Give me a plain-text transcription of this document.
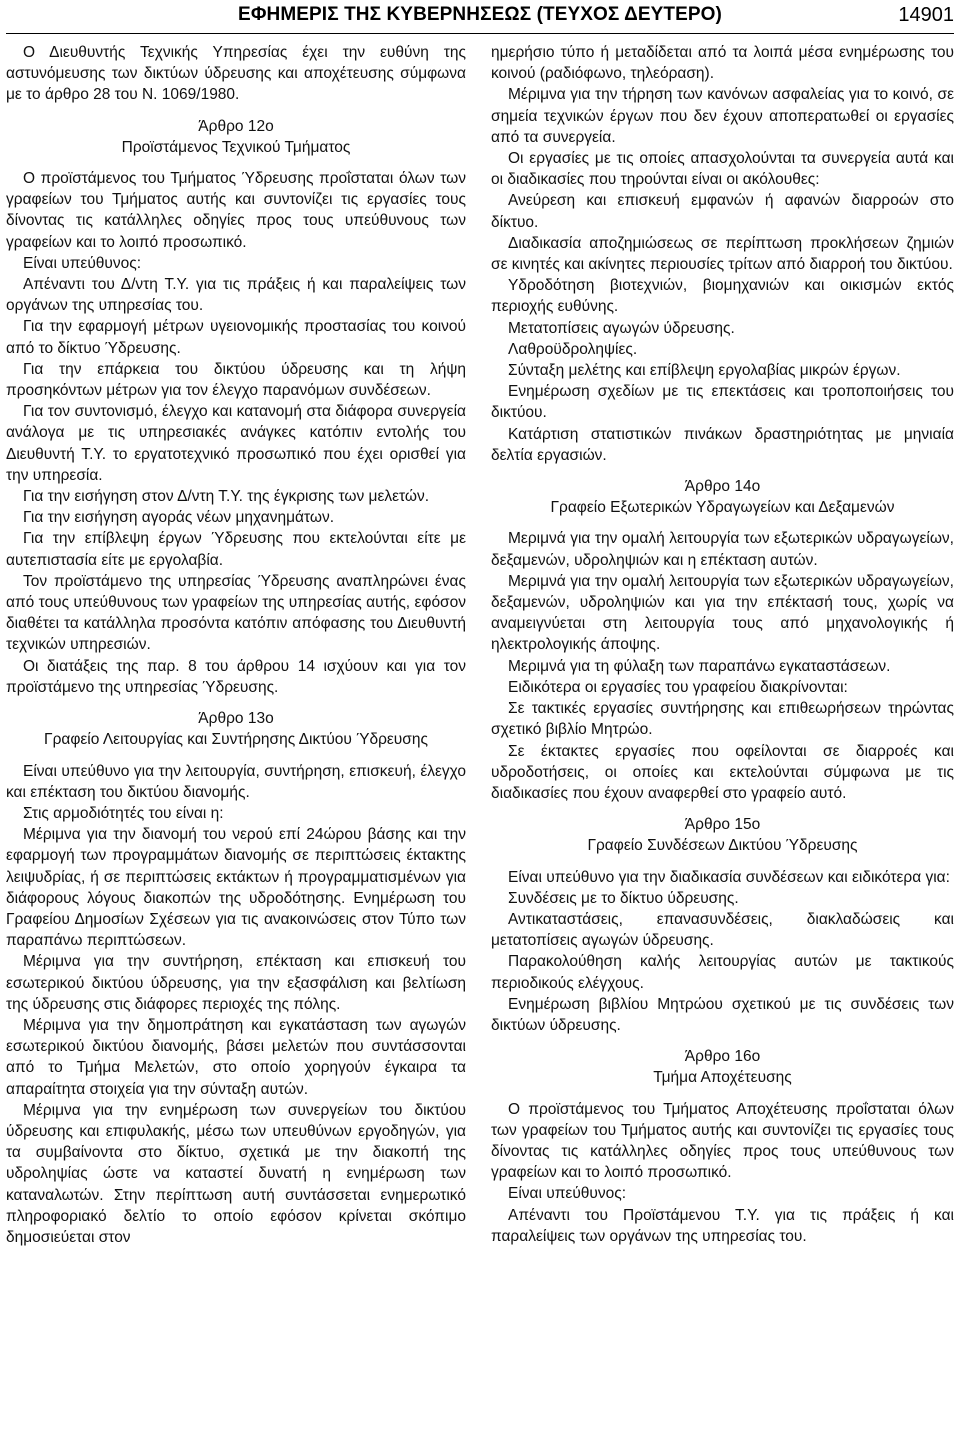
ΕΦΗΜΕΡΙΣ ΤΗΣ ΚΥΒΕΡΝΗΣΕΩΣ (ΤΕΥΧΟΣ ΔΕΥΤΕΡΟ)	14901

Ο Διευθυντής Τεχνικής Υπηρεσίας έχει την ευθύνη της αστυνόμευσης των δικτύων ύδρευσης και αποχέτευσης σύμφωνα με το άρθρο 28 του Ν. 1069/1980.

Άρθρο 12ο

Προϊστάμενος Τεχνικού Τμήματος

Ο προϊστάμενος του Τμήματος Ύδρευσης προΐσταται όλων των γραφείων του Τμήματος αυτής και συντονίζει τις εργασίες τους δίνοντας τις κατάλληλες οδηγίες προς τους υπεύθυνους των γραφείων και το λοιπό προσωπικό.

Είναι υπεύθυνος:

Απέναντι του Δ/ντη Τ.Υ. για τις πράξεις ή και παραλείψεις των οργάνων της υπηρεσίας του.

Για την εφαρμογή μέτρων υγειονομικής προστασίας του κοινού από το δίκτυο Ύδρευσης.

Για την επάρκεια του δικτύου ύδρευσης και τη λήψη προσηκόντων μέτρων για τον έλεγχο παρανόμων συνδέσεων.

Για τον συντονισμό, έλεγχο και κατανομή στα διάφορα συνεργεία ανάλογα με τις υπηρεσιακές ανάγκες κατόπιν εντολής του Διευθυντή Τ.Υ. το εργατοτεχνικό προσωπικό που έχει ορισθεί για την υπηρεσία.

Για την εισήγηση στον Δ/ντη Τ.Υ. της έγκρισης των μελετών.

Για την εισήγηση αγοράς νέων μηχανημάτων.

Για την επίβλεψη έργων Ύδρευσης που εκτελούνται είτε με αυτεπιστασία είτε με εργολαβία.

Τον προϊστάμενο της υπηρεσίας Ύδρευσης αναπληρώνει ένας από τους υπεύθυνους των γραφείων της υπηρεσίας αυτής, εφόσον διαθέτει τα κατάλληλα προσόντα κατόπιν απόφασης του Διευθυντή τεχνικών υπηρεσιών.

Οι διατάξεις της παρ. 8 του άρθρου 14 ισχύουν και για τον προϊστάμενο της υπηρεσίας Ύδρευσης.

Άρθρο 13ο

Γραφείο Λειτουργίας και Συντήρησης Δικτύου Ύδρευσης

Είναι υπεύθυνο για την λειτουργία, συντήρηση, επισκευή, έλεγχο και επέκταση του δικτύου διανομής.

Στις αρμοδιότητές του είναι η:

Μέριμνα για την διανομή του νερού επί 24ώρου βάσης και την εφαρμογή των προγραμμάτων διανομής σε περιπτώσεις έκτακτης λειψυδρίας, ή σε περιπτώσεις εκτάκτων ή προγραμματισμένων για διάφορους λόγους διακοπών της υδροδότησης. Ενημέρωση του Γραφείου Δημοσίων Σχέσεων για τις ανακοινώσεις στον Τύπο των παραπάνω περιπτώσεων.

Μέριμνα για την συντήρηση, επέκταση και επισκευή του εσωτερικού δικτύου ύδρευσης, για την εξασφάλιση και βελτίωση της ύδρευσης στις διάφορες περιοχές της πόλης.

Μέριμνα για την δημοπράτηση και εγκατάσταση των αγωγών εσωτερικού δικτύου διανομής, βάσει μελετών που συντάσσονται από το Τμήμα Μελετών, στο οποίο χορηγούν έγκαιρα τα απαραίτητα στοιχεία για την σύνταξη αυτών.

Μέριμνα για την ενημέρωση των συνεργείων του δικτύου ύδρευσης και επιφυλακής, μέσω των υπευθύνων εργοδηγών, για τα συμβαίνοντα στο δίκτυο, σχετικά με την διακοπή της υδροληψίας ώστε να καταστεί δυνατή η ενημέρωση των καταναλωτών. Στην περίπτωση αυτή συντάσσεται ενημερωτικό πληροφοριακό δελτίο το οποίο εφόσον κρίνεται σκόπιμο δημοσιεύεται στον

ημερήσιο τύπο ή μεταδίδεται από τα λοιπά μέσα ενημέρωσης του κοινού (ραδιόφωνο, τηλεόραση).

Μέριμνα για την τήρηση των κανόνων ασφαλείας για το κοινό, σε σημεία τεχνικών έργων που δεν έχουν αποπερατωθεί οι εργασίες από τα συνεργεία.

Οι εργασίες με τις οποίες απασχολούνται τα συνεργεία αυτά και οι διαδικασίες που τηρούνται είναι οι ακόλουθες:

Ανεύρεση και επισκευή εμφανών ή αφανών διαρροών στο δίκτυο.

Διαδικασία αποζημιώσεως σε περίπτωση προκλήσεων ζημιών σε κινητές και ακίνητες περιουσίες τρίτων από διαρροή του δικτύου.

Υδροδότηση βιοτεχνιών, βιομηχανιών και οικισμών εκτός περιοχής ευθύνης.

Μετατοπίσεις αγωγών ύδρευσης.

Λαθροϋδροληψίες.

Σύνταξη μελέτης και επίβλεψη εργολαβίας μικρών έργων.

Ενημέρωση σχεδίων με τις επεκτάσεις και τροποποιήσεις του δικτύου.

Κατάρτιση στατιστικών πινάκων δραστηριότητας με μηνιαία δελτία εργασιών.

Άρθρο 14ο

Γραφείο Εξωτερικών Υδραγωγείων και Δεξαμενών

Μεριμνά για την ομαλή λειτουργία των εξωτερικών υδραγωγείων, δεξαμενών, υδροληψιών και η επέκταση αυτών.

Μεριμνά για την ομαλή λειτουργία των εξωτερικών υδραγωγείων, δεξαμενών, υδροληψιών και για την επέκτασή τους, χωρίς να αναμειγνύεται στη λειτουργία τους από μηχανολογικής ή ηλεκτρολογικής άποψης.

Μεριμνά για τη φύλαξη των παραπάνω εγκαταστάσεων.

Ειδικότερα οι εργασίες του γραφείου διακρίνονται:

Σε τακτικές εργασίες συντήρησης και επιθεωρήσεων τηρώντας σχετικό βιβλίο Μητρώο.

Σε έκτακτες εργασίες που οφείλονται σε διαρροές και υδροδοτήσεις, οι οποίες και εκτελούνται σύμφωνα με τις διαδικασίες που έχουν αναφερθεί στο γραφείο αυτό.

Άρθρο 15ο

Γραφείο Συνδέσεων Δικτύου Ύδρευσης

Είναι υπεύθυνο για την διαδικασία συνδέσεων και ειδικότερα για:

Συνδέσεις με το δίκτυο ύδρευσης.

Αντικαταστάσεις, επανασυνδέσεις, διακλαδώσεις και μετατοπίσεις αγωγών ύδρευσης.

Παρακολούθηση καλής λειτουργίας αυτών με τακτικούς περιοδικούς ελέγχους.

Ενημέρωση βιβλίου Μητρώου σχετικού με τις συνδέσεις των δικτύων ύδρευσης.

Άρθρο 16ο

Τμήμα Αποχέτευσης

Ο προϊστάμενος του Τμήματος Αποχέτευσης προΐσταται όλων των γραφείων του Τμήματος αυτής και συντονίζει τις εργασίες τους δίνοντας τις κατάλληλες οδηγίες προς τους υπεύθυνους των γραφείων και το λοιπό προσωπικό.

Είναι υπεύθυνος:

Απέναντι του Προϊστάμενου Τ.Υ. για τις πράξεις ή και παραλείψεις των οργάνων της υπηρεσίας του.
